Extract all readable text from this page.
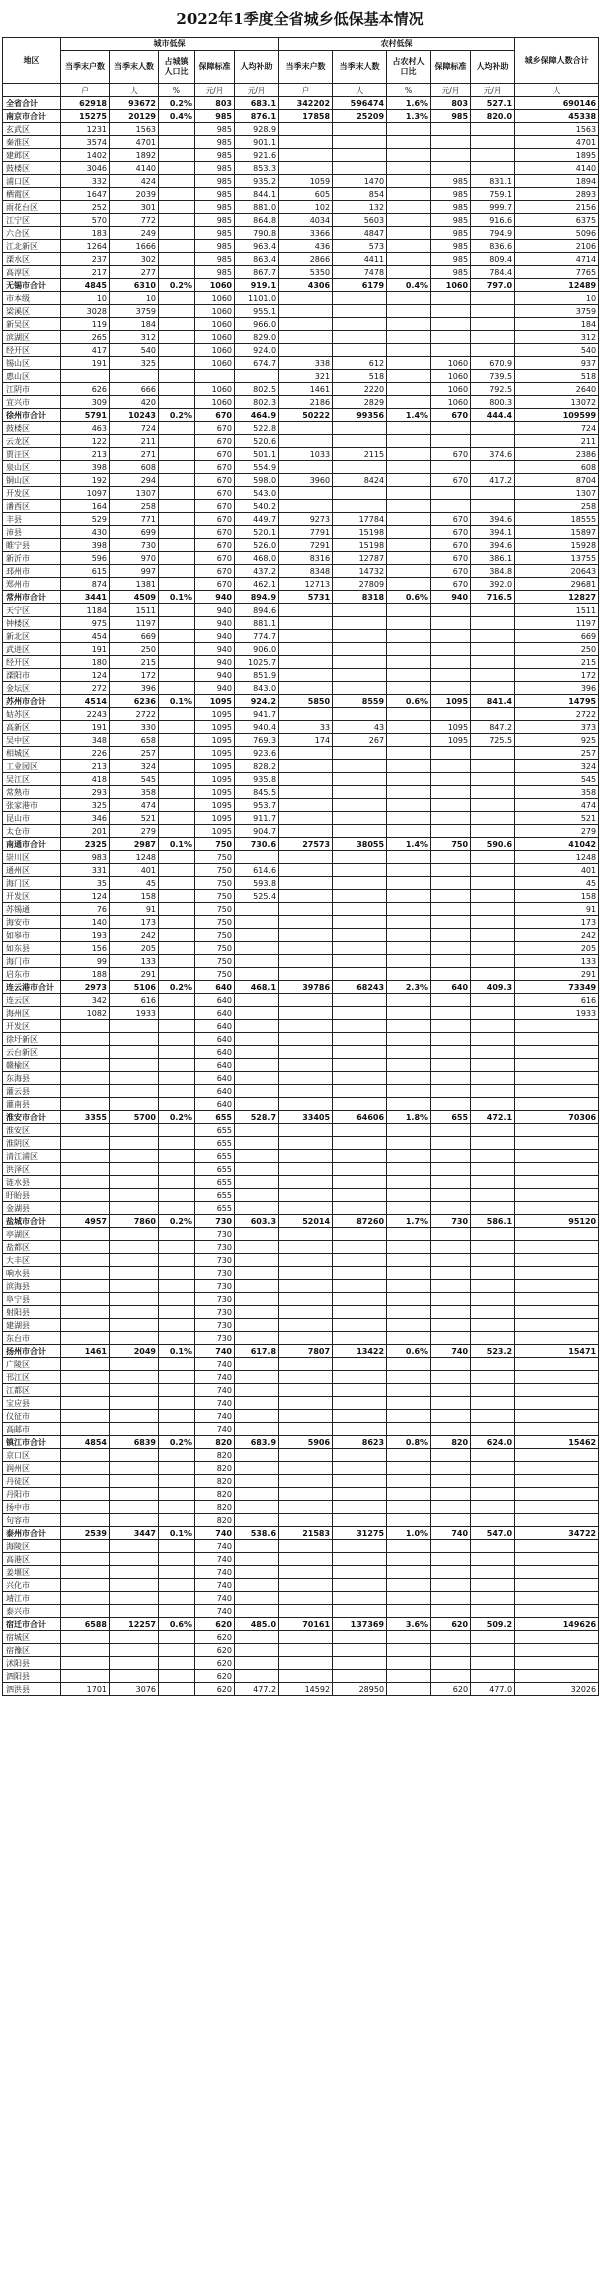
2022年1季度全省城乡低保基本情况
地区	城市低保					农村低保					城乡保障人数合计
	当季末户数	当季末人数	占城镇人口比	保障标准	人均补助	当季末户数	当季末人数	占农村人口比	保障标准	人均补助	
	户	人	%	元/月	元/月	户	人	%	元/月	元/月	人
全省合计	62918	93672	0.2%	803	683.1	342202	596474	1.6%	803	527.1	690146
南京市合计	15275	20129	0.4%	985	876.1	17858	25209	1.3%	985	820.0	45338
玄武区	1231	1563		985	928.9						1563
秦淮区	3574	4701		985	901.1						4701
建邺区	1402	1892		985	921.6						1895
鼓楼区	3046	4140		985	853.3						4140
浦口区	332	424		985	935.2	1059	1470		985	831.1	1894
栖霞区	1647	2039		985	844.1	605	854		985	759.1	2893
雨花台区	252	301		985	881.0	102	132		985	999.7	2156
江宁区	570	772		985	864.8	4034	5603		985	916.6	6375
六合区	183	249		985	790.8	3366	4847		985	794.9	5096
江北新区	1264	1666		985	963.4	436	573		985	836.6	2106
溧水区	237	302		985	863.4	2866	4411		985	809.4	4714
高淳区	217	277		985	867.7	5350	7478		985	784.4	7765
无锡市合计	4845	6310	0.2%	1060	919.1	4306	6179	0.4%	1060	797.0	12489
市本级	10	10		1060	1101.0						10
梁溪区	3028	3759		1060	955.1						3759
新吴区	119	184		1060	966.0						184
滨湖区	265	312		1060	829.0						312
经开区	417	540		1060	924.0						540
锡山区	191	325		1060	674.7	338	612		1060	670.9	937
惠山区						321	518		1060	739.5	518
江阴市	626	666		1060	802.5	1461	2220		1060	792.5	2640
宜兴市	309	420		1060	802.3	2186	2829		1060	800.3	13072
徐州市合计	5791	10243	0.2%	670	464.9	50222	99356	1.4%	670	444.4	109599
鼓楼区	463	724		670	522.8						724
云龙区	122	211		670	520.6						211
贾汪区	213	271		670	501.1	1033	2115		670	374.6	2386
泉山区	398	608		670	554.9						608
铜山区	192	294		670	598.0	3960	8424		670	417.2	8704
开发区	1097	1307		670	543.0						1307
潘西区	164	258		670	540.2						258
丰县	529	771		670	449.7	9273	17784		670	394.6	18555
沛县	430	699		670	520.1	7791	15198		670	394.1	15897
睢宁县	398	730		670	526.0	7291	15198		670	394.6	15928
新沂市	596	970		670	468.0	8316	12787		670	386.1	13755
邳州市	615	997		670	437.2	8348	14732		670	384.8	20643
郑州市	874	1381		670	462.1	12713	27809		670	392.0	29681
常州市合计	3441	4509	0.1%	940	894.9	5731	8318	0.6%	940	716.5	12827
天宁区	1184	1511		940	894.6						1511
钟楼区	975	1197		940	881.1						1197
新北区	454	669		940	774.7						669
武进区	191	250		940	906.0						250
经开区	180	215		940	1025.7						215
溧阳市	124	172		940	851.9						172
金坛区	272	396		940	843.0						396
苏州市合计	4514	6236	0.1%	1095	924.2	5850	8559	0.6%	1095	841.4	14795
姑苏区	2243	2722		1095	941.7						2722
高新区	191	330		1095	940.4	33	43		1095	847.2	373
吴中区	348	658		1095	769.3	174	267		1095	725.5	925
相城区	226	257		1095	923.6						257
工业园区	213	324		1095	828.2						324
吴江区	418	545		1095	935.8						545
常熟市	293	358		1095	845.5						358
张家港市	325	474		1095	953.7						474
昆山市	346	521		1095	911.7						521
太仓市	201	279		1095	904.7						279
南通市合计	2325	2987	0.1%	750	730.6	27573	38055	1.4%	750	590.6	41042
崇川区	983	1248		750							1248
通州区	331	401		750	614.6						401
海门区	35	45		750	593.8						45
开发区	124	158		750	525.4						158
苏锡通	76	91		750							91
海安市	140	173		750							173
如皋市	193	242		750							242
如东县	156	205		750							205
海门市	99	133		750							133
启东市	188	291		750							291
连云港市合计	2973	5106	0.2%	640	468.1	39786	68243	2.3%	640	409.3	73349
连云区	342	616		640							616
海州区	1082	1933		640							1933
开发区				640							
徐圩新区				640							
云台新区				640							
赣榆区				640							
东海县				640							
灌云县				640							
灌南县				640							
淮安市合计	3355	5700	0.2%	655	528.7	33405	64606	1.8%	655	472.1	70306
淮安区				655							
淮阴区				655							
清江浦区				655							
洪泽区				655							
涟水县				655							
盱眙县				655							
金湖县				655							
盐城市合计	4957	7860	0.2%	730	603.3	52014	87260	1.7%	730	586.1	95120
亭湖区				730							
盐都区				730							
大丰区				730							
响水县				730							
滨海县				730							
阜宁县				730							
射阳县				730							
建湖县				730							
东台市				730							
扬州市合计	1461	2049	0.1%	740	617.8	7807	13422	0.6%	740	523.2	15471
广陵区				740							
邗江区				740							
江都区				740							
宝应县				740							
仪征市				740							
高邮市				740							
镇江市合计	4854	6839	0.2%	820	683.9	5906	8623	0.8%	820	624.0	15462
京口区				820							
润州区				820							
丹徒区				820							
丹阳市				820							
扬中市				820							
句容市				820							
泰州市合计	2539	3447	0.1%	740	538.6	21583	31275	1.0%	740	547.0	34722
海陵区				740							
高港区				740							
姜堰区				740							
兴化市				740							
靖江市				740							
泰兴市				740							
宿迁市合计	6588	12257	0.6%	620	485.0	70161	137369	3.6%	620	509.2	149626
宿城区				620							
宿豫区				620							
沭阳县				620							
泗阳县				620							
泗洪县	1701	3076		620	477.2	14592	28950		620	477.0	32026
